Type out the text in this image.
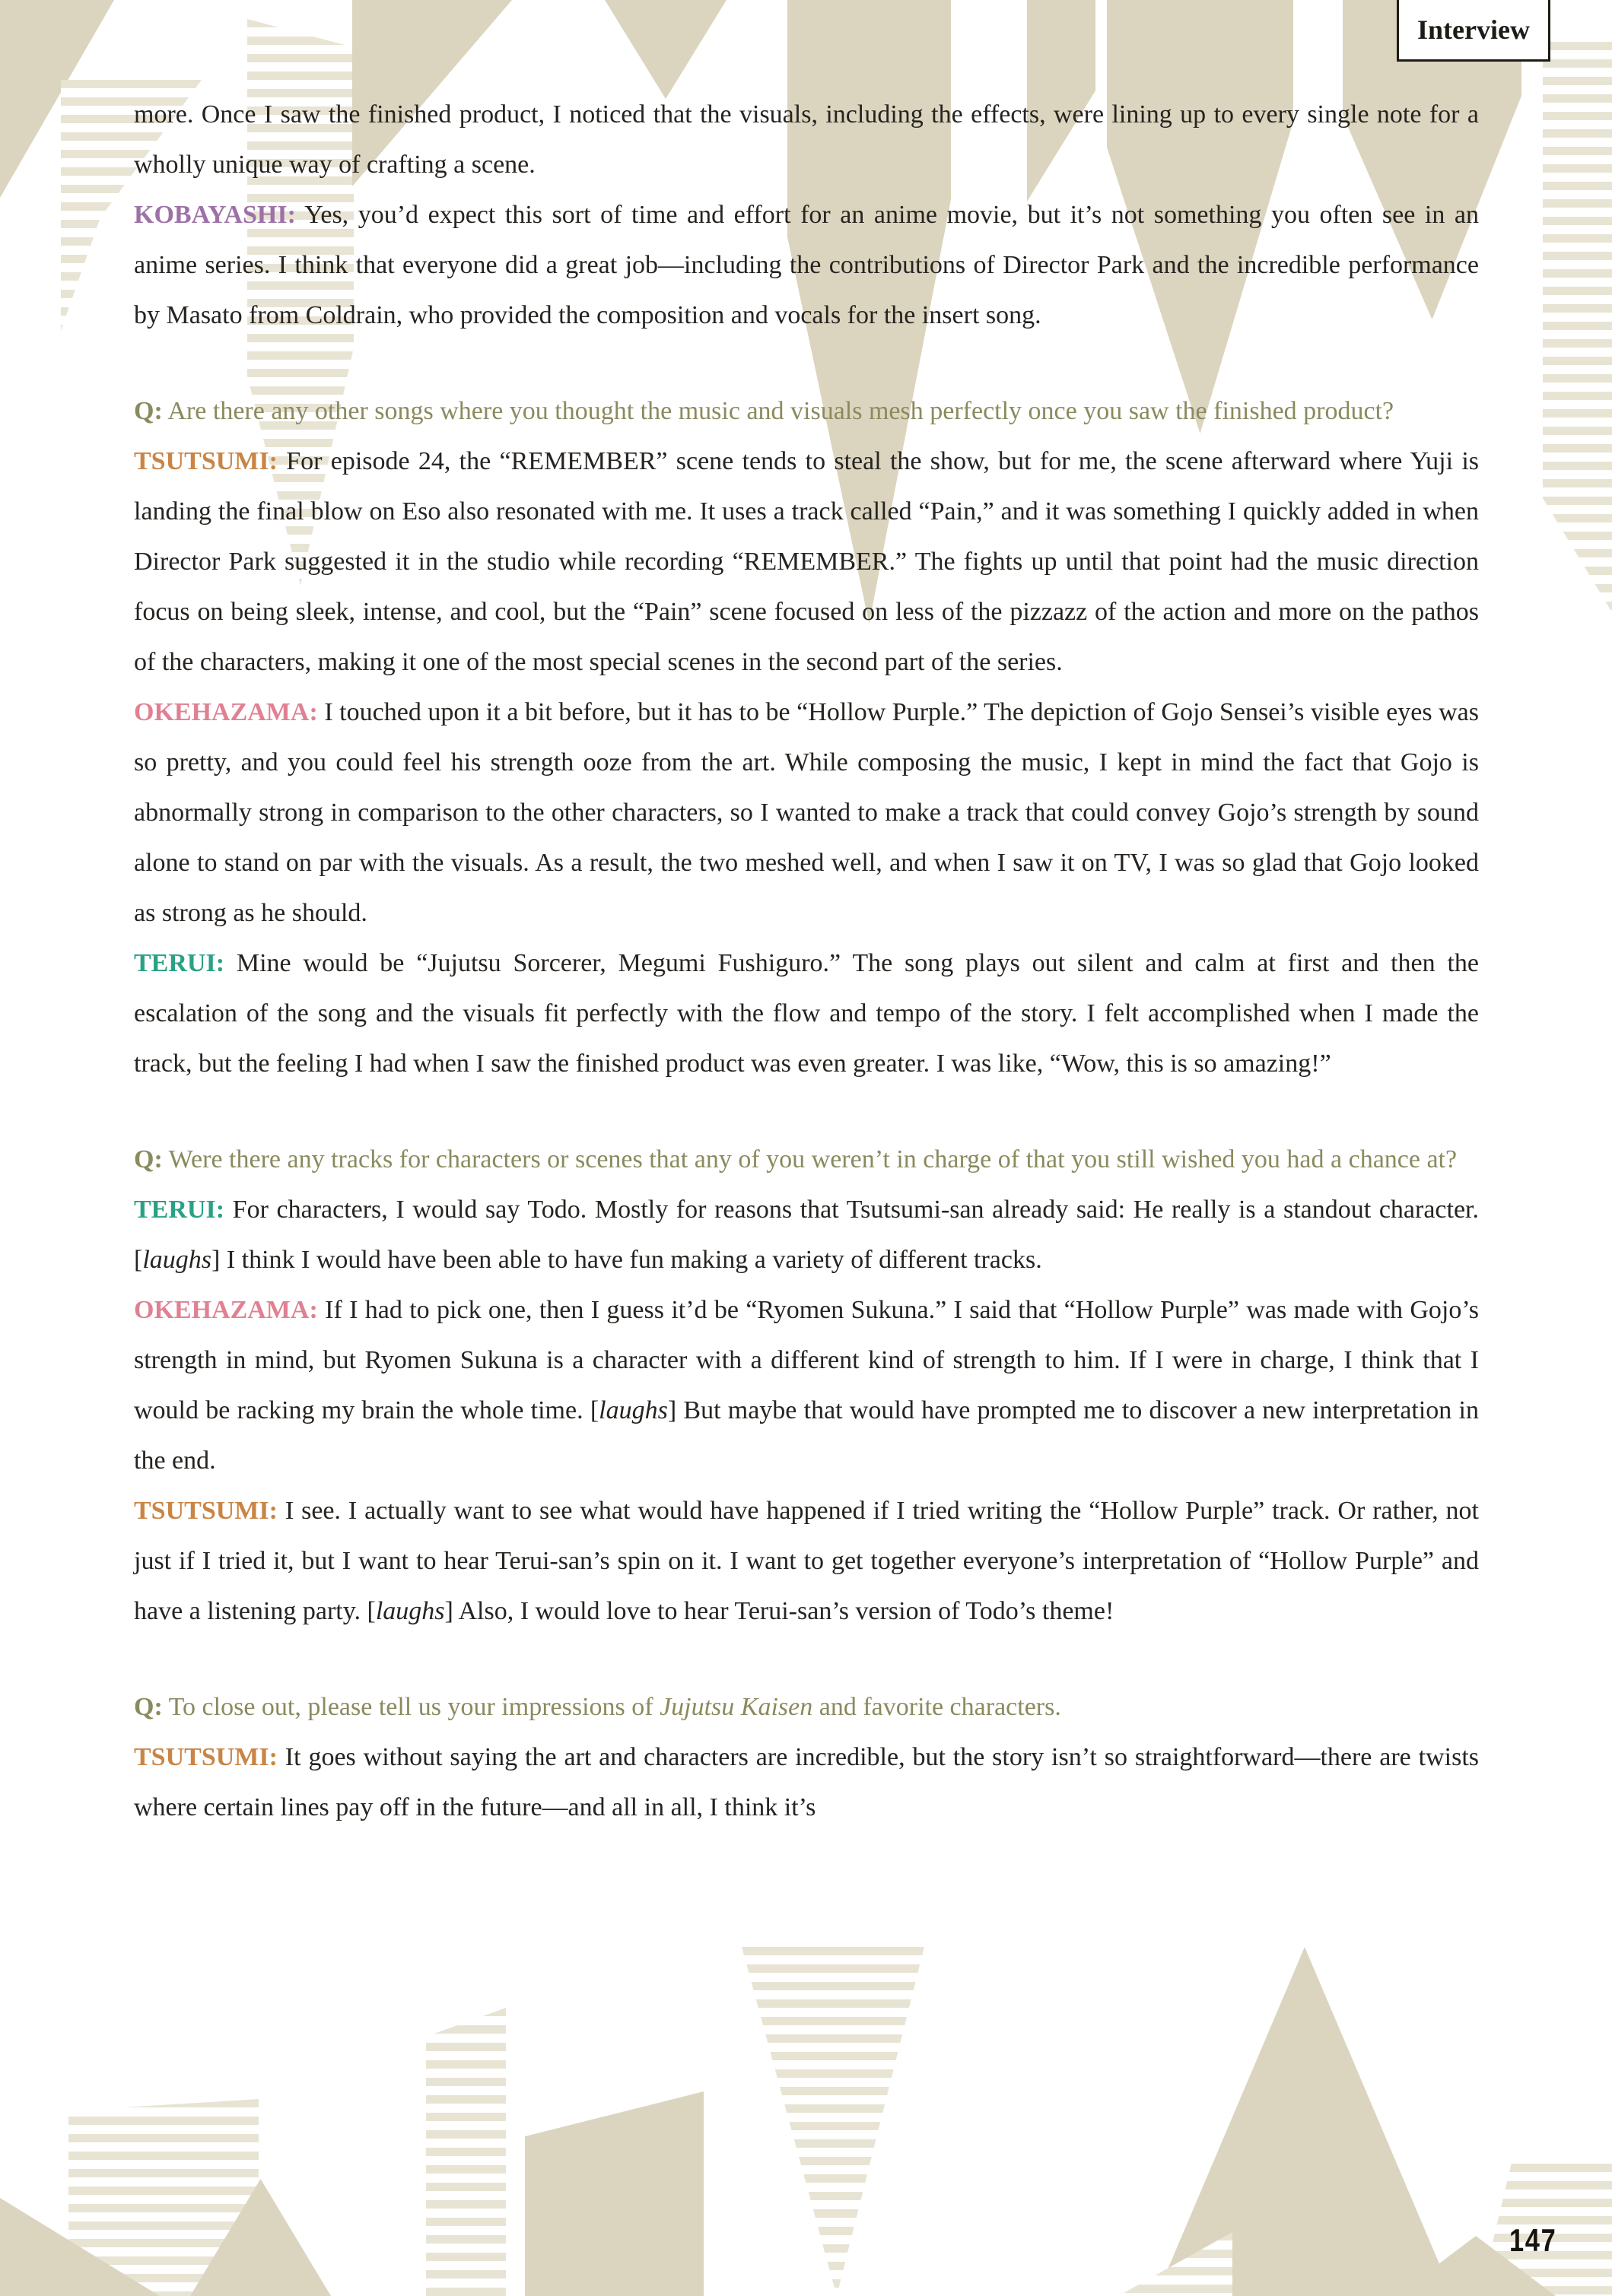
Interview

more. Once I saw the finished product, I noticed that the visuals, including the effects, were lining up to every single note for a wholly unique way of crafting a scene.

KOBAYASHI: Yes, you’d expect this sort of time and effort for an anime movie, but it’s not something you often see in an anime series. I think that everyone did a great job—including the contributions of Director Park and the incredible performance by Masato from Coldrain, who provided the composition and vocals for the insert song.

Q: Are there any other songs where you thought the music and visuals mesh perfectly once you saw the finished product?

TSUTSUMI: For episode 24, the “REMEMBER” scene tends to steal the show, but for me, the scene afterward where Yuji is landing the final blow on Eso also resonated with me. It uses a track called “Pain,” and it was something I quickly added in when Director Park suggested it in the studio while recording “REMEMBER.” The fights up until that point had the music direction focus on being sleek, intense, and cool, but the “Pain” scene focused on less of the pizzazz of the action and more on the pathos of the characters, making it one of the most special scenes in the second part of the series.

OKEHAZAMA: I touched upon it a bit before, but it has to be “Hollow Purple.” The depiction of Gojo Sensei’s visible eyes was so pretty, and you could feel his strength ooze from the art. While composing the music, I kept in mind the fact that Gojo is abnormally strong in comparison to the other characters, so I wanted to make a track that could convey Gojo’s strength by sound alone to stand on par with the visuals. As a result, the two meshed well, and when I saw it on TV, I was so glad that Gojo looked as strong as he should.

TERUI: Mine would be “Jujutsu Sorcerer, Megumi Fushiguro.” The song plays out silent and calm at first and then the escalation of the song and the visuals fit perfectly with the flow and tempo of the story. I felt accomplished when I made the track, but the feeling I had when I saw the finished product was even greater. I was like, “Wow, this is so amazing!”

Q: Were there any tracks for characters or scenes that any of you weren’t in charge of that you still wished you had a chance at?

TERUI: For characters, I would say Todo. Mostly for reasons that Tsutsumi-san already said: He really is a standout character. [laughs] I think I would have been able to have fun making a variety of different tracks.

OKEHAZAMA: If I had to pick one, then I guess it’d be “Ryomen Sukuna.” I said that “Hollow Purple” was made with Gojo’s strength in mind, but Ryomen Sukuna is a character with a different kind of strength to him. If I were in charge, I think that I would be racking my brain the whole time. [laughs] But maybe that would have prompted me to discover a new interpretation in the end.

TSUTSUMI: I see. I actually want to see what would have happened if I tried writing the “Hollow Purple” track. Or rather, not just if I tried it, but I want to hear Terui-san’s spin on it. I want to get together everyone’s interpretation of “Hollow Purple” and have a listening party. [laughs] Also, I would love to hear Terui-san’s version of Todo’s theme!

Q: To close out, please tell us your impressions of Jujutsu Kaisen and favorite characters.

TSUTSUMI: It goes without saying the art and characters are incredible, but the story isn’t so straightforward—there are twists where certain lines pay off in the future—and all in all, I think it’s

147
